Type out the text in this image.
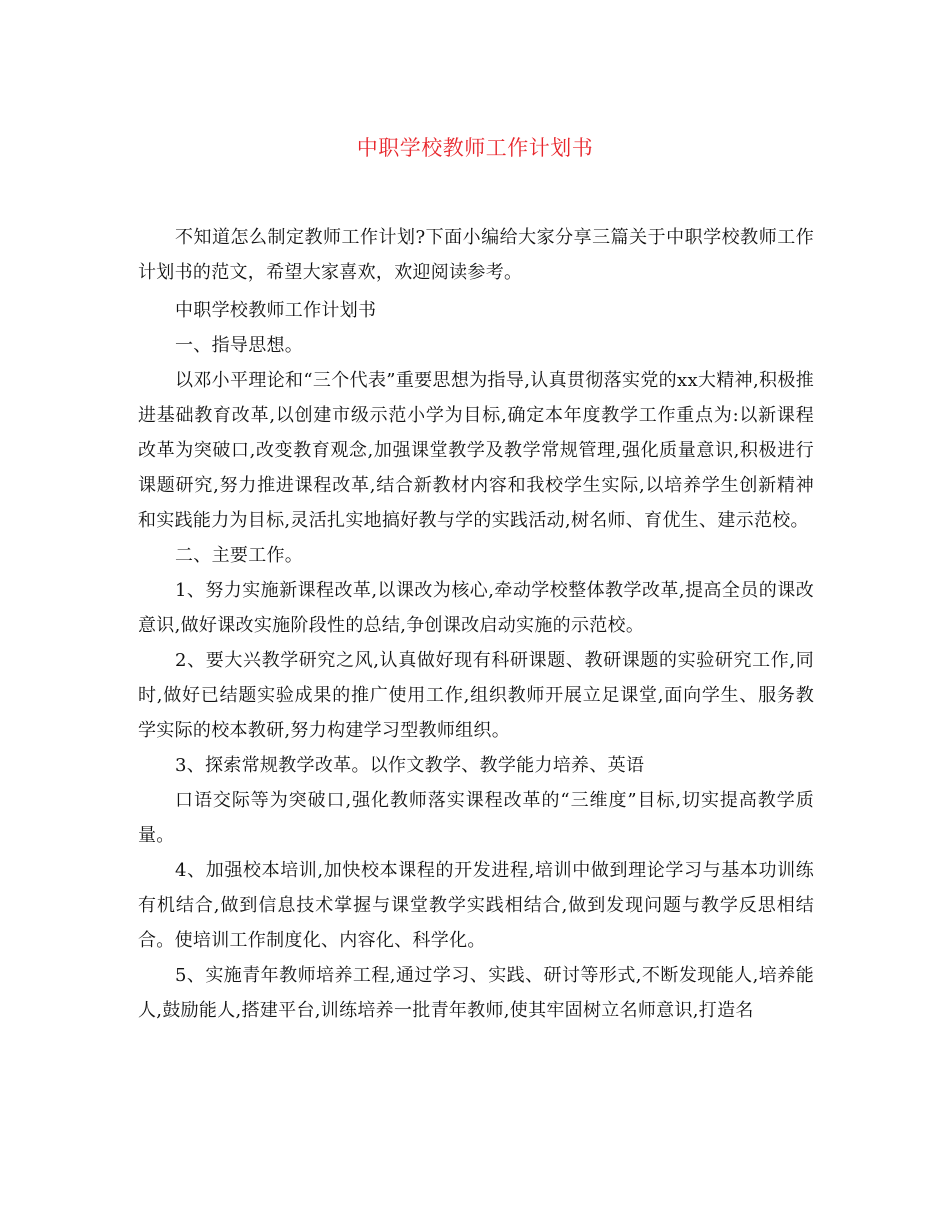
中职学校教师工作计划书

不知道怎么制定教师工作计划?下面小编给大家分享三篇关于中职学校教师工作计划书的范文，希望大家喜欢，欢迎阅读参考。

中职学校教师工作计划书

一、指导思想。

以邓小平理论和“三个代表”重要思想为指导,认真贯彻落实党的xx大精神,积极推进基础教育改革,以创建市级示范小学为目标,确定本年度教学工作重点为:以新课程改革为突破口,改变教育观念,加强课堂教学及教学常规管理,强化质量意识,积极进行课题研究,努力推进课程改革,结合新教材内容和我校学生实际,以培养学生创新精神和实践能力为目标,灵活扎实地搞好教与学的实践活动,树名师、育优生、建示范校。

二、主要工作。

1、努力实施新课程改革,以课改为核心,牵动学校整体教学改革,提高全员的课改意识,做好课改实施阶段性的总结,争创课改启动实施的示范校。

2、要大兴教学研究之风,认真做好现有科研课题、教研课题的实验研究工作,同时,做好已结题实验成果的推广使用工作,组织教师开展立足课堂,面向学生、服务教学实际的校本教研,努力构建学习型教师组织。

3、探索常规教学改革。以作文教学、教学能力培养、英语

口语交际等为突破口,强化教师落实课程改革的“三维度”目标,切实提高教学质量。

4、加强校本培训,加快校本课程的开发进程,培训中做到理论学习与基本功训练有机结合,做到信息技术掌握与课堂教学实践相结合,做到发现问题与教学反思相结合。使培训工作制度化、内容化、科学化。

5、实施青年教师培养工程,通过学习、实践、研讨等形式,不断发现能人,培养能人,鼓励能人,搭建平台,训练培养一批青年教师,使其牢固树立名师意识,打造名
